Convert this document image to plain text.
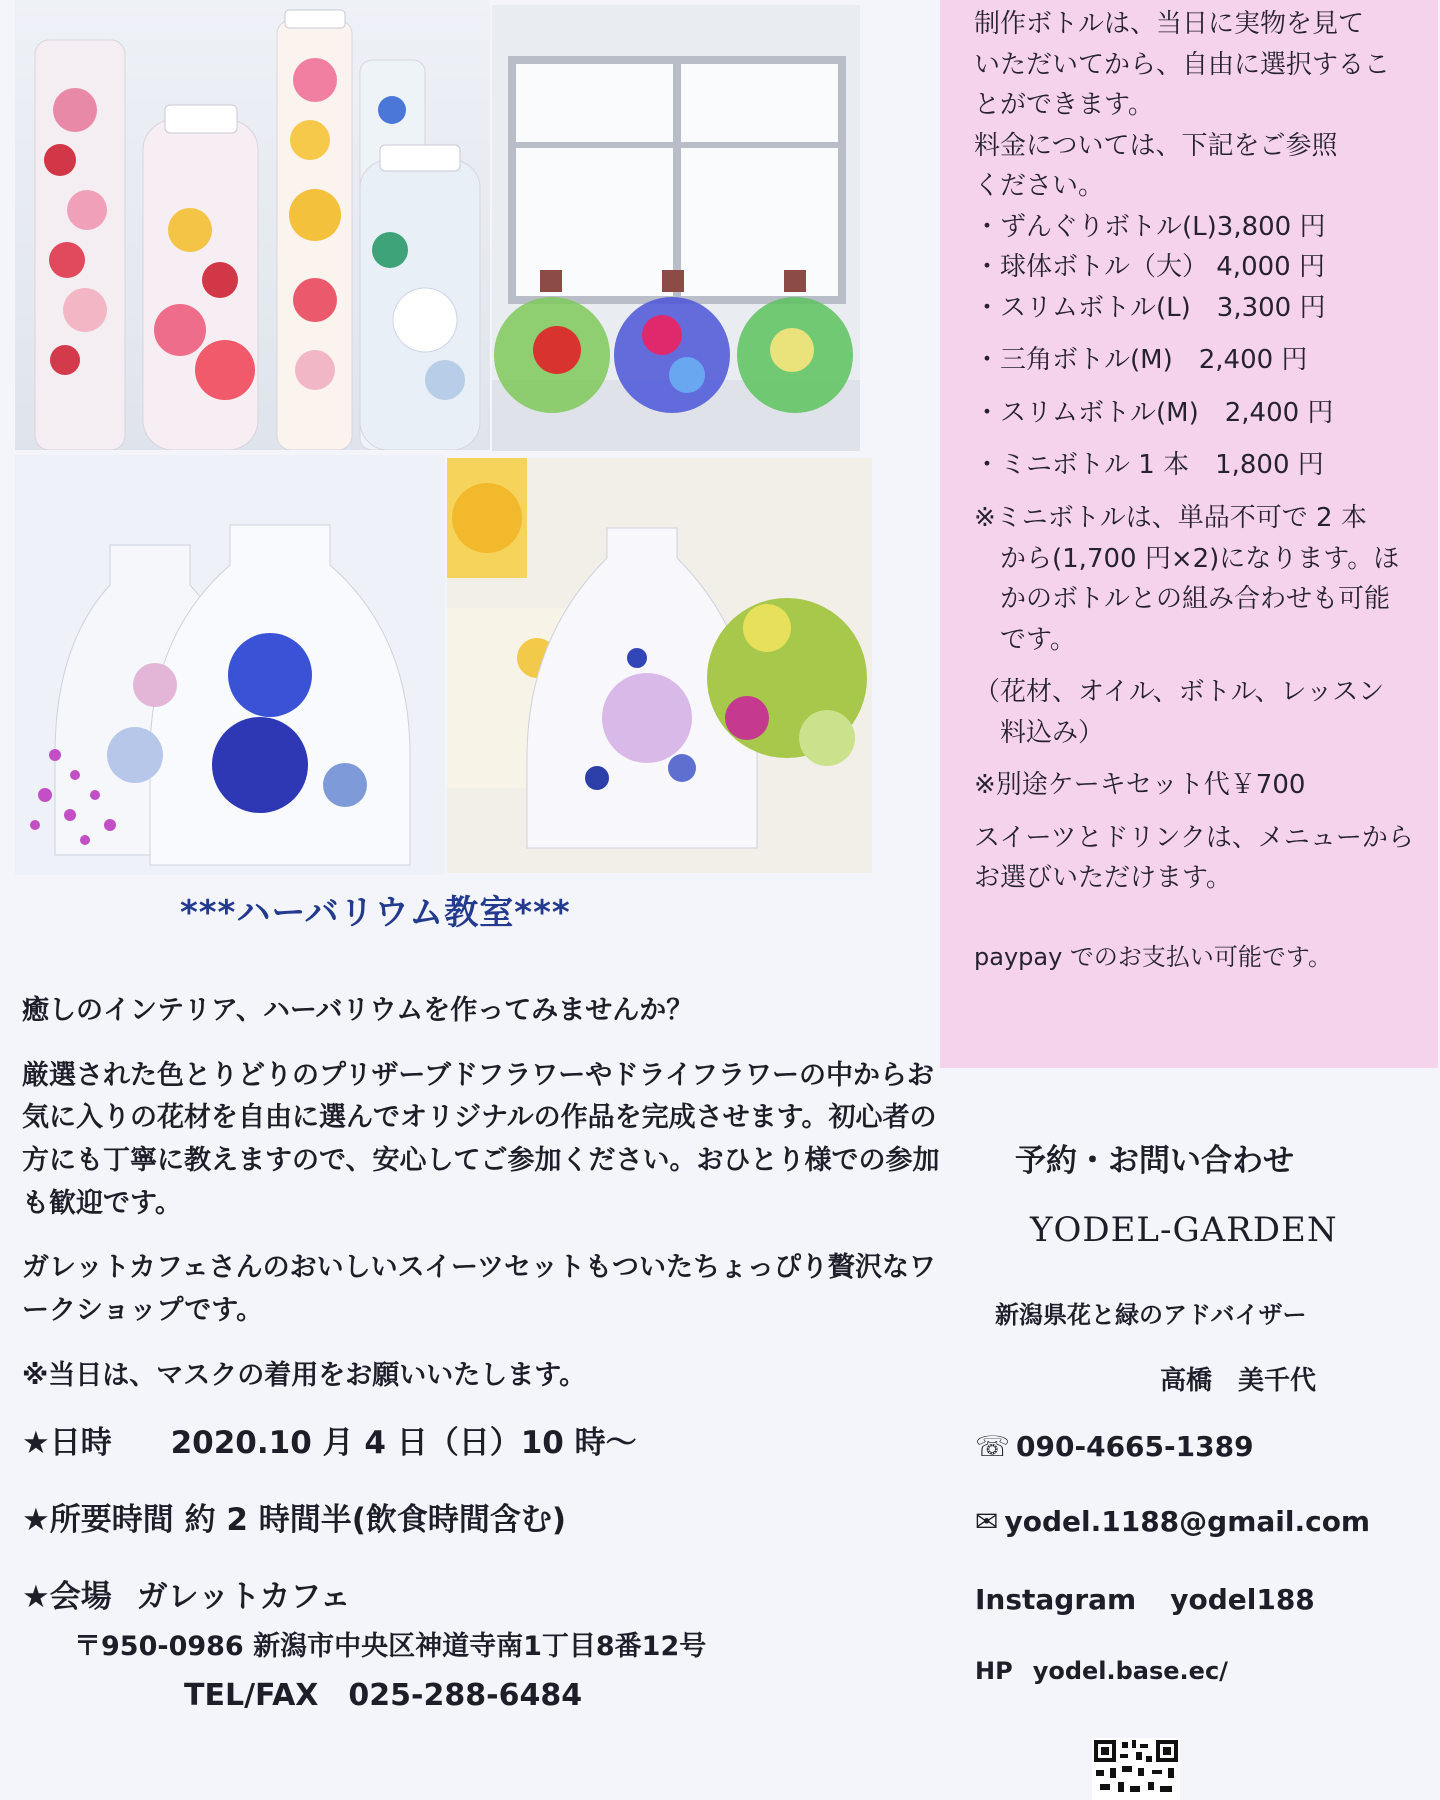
制作ボトルは、当日に実物を見て

いただいてから、自由に選択するこ

とができます。

料金については、下記をご参照

ください。

・ずんぐりボトル(L)3,800 円

・球体ボトル（大） 4,000 円

・スリムボトル(L)　3,300 円

・三角ボトル(M)　2,400 円

・スリムボトル(M)　2,400 円

・ミニボトル 1 本　1,800 円

※ミニボトルは、単品不可で 2 本

　から(1,700 円×2)になります。ほ

　かのボトルとの組み合わせも可能

　です。

（花材、オイル、ボトル、レッスン

　料込み）

※別途ケーキセット代￥700

スイーツとドリンクは、メニューから

お選びいただけます。

paypay でのお支払い可能です。

***ハーバリウム教室***

癒しのインテリア、ハーバリウムを作ってみませんか？

厳選された色とりどりのプリザーブドフラワーやドライフラワーの中からお気に入りの花材を自由に選んでオリジナルの作品を完成させます。初心者の方にも丁寧に教えますので、安心してご参加ください。おひとり様での参加も歓迎です。

ガレットカフェさんのおいしいスイーツセットもついたちょっぴり贅沢なワークショップです。

※当日は、マスクの着用をお願いいたします。

★日時 2020.10 月 4 日（日）10 時～

★所要時間 約 2 時間半(飲食時間含む)

★会場 ガレットカフェ

〒950-0986 新潟市中央区神道寺南1丁目8番12号
TEL/FAX　025-288-6484
予約・お問い合わせ
YODEL-GARDEN
新潟県花と緑のアドバイザー
高橋　美千代
☏ 090-4665-1389
✉ yodel.1188@gmail.com
Instagram yodel188
HP yodel.base.ec/
